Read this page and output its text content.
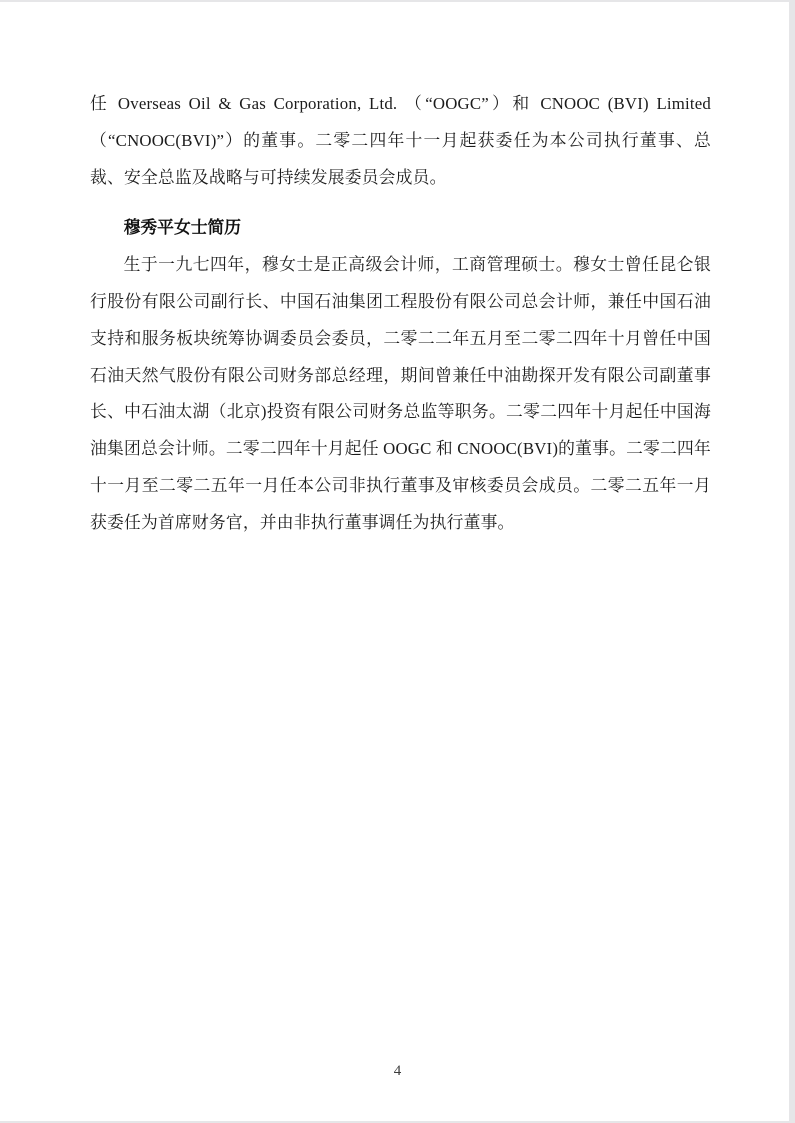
任 Overseas Oil & Gas Corporation, Ltd. （“OOGC”）和 CNOOC (BVI) Limited（“CNOOC(BVI)”）的董事。二零二四年十一月起获委任为本公司执行董事、总裁、安全总监及战略与可持续发展委员会成员。

穆秀平女士简历

生于一九七四年，穆女士是正高级会计师，工商管理硕士。穆女士曾任昆仑银行股份有限公司副行长、中国石油集团工程股份有限公司总会计师，兼任中国石油支持和服务板块统筹协调委员会委员，二零二二年五月至二零二四年十月曾任中国石油天然气股份有限公司财务部总经理，期间曾兼任中油勘探开发有限公司副董事长、中石油太湖（北京)投资有限公司财务总监等职务。二零二四年十月起任中国海油集团总会计师。二零二四年十月起任 OOGC 和 CNOOC(BVI)的董事。二零二四年十一月至二零二五年一月任本公司非执行董事及审核委员会成员。二零二五年一月获委任为首席财务官，并由非执行董事调任为执行董事。

4
